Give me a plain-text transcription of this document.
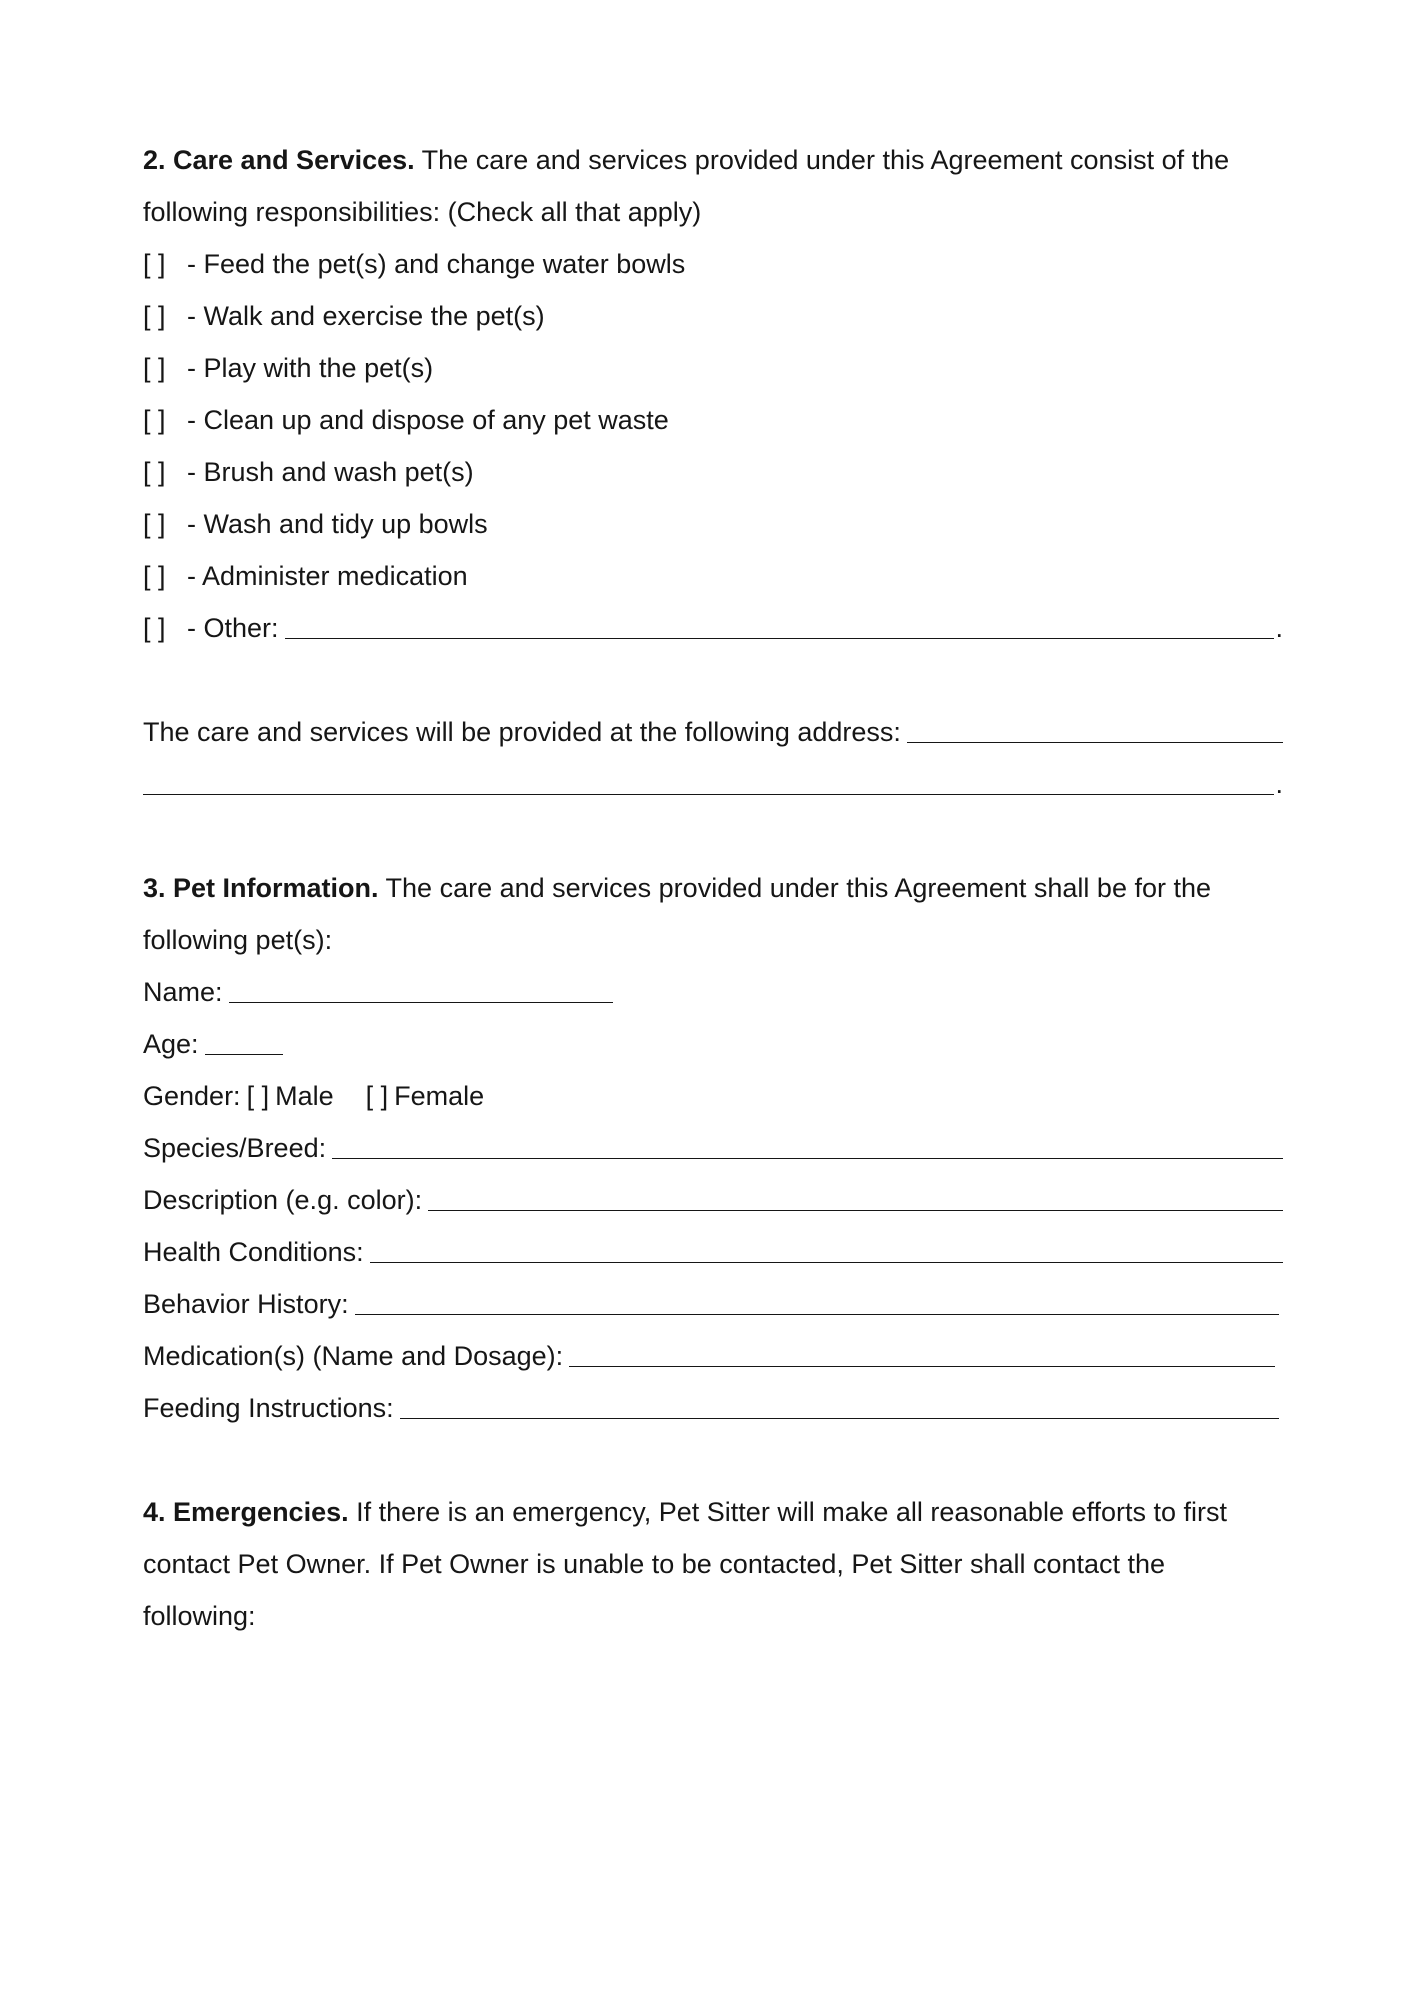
2. Care and Services. The care and services provided under this Agreement consist of the
following responsibilities: (Check all that apply)
[ ] - Feed the pet(s) and change water bowls
[ ] - Walk and exercise the pet(s)
[ ] - Play with the pet(s)
[ ] - Clean up and dispose of any pet waste
[ ] - Brush and wash pet(s)
[ ] - Wash and tidy up bowls
[ ] - Administer medication
[ ] - Other:	.
The care and services will be provided at the following address:
.
3. Pet Information. The care and services provided under this Agreement shall be for the
following pet(s):
Name:
Age:
Gender: [ ] Male [ ] Female
Species/Breed:
Description (e.g. color):
Health Conditions:
Behavior History:
Medication(s) (Name and Dosage):
Feeding Instructions:
4. Emergencies. If there is an emergency, Pet Sitter will make all reasonable efforts to first
contact Pet Owner. If Pet Owner is unable to be contacted, Pet Sitter shall contact the
following:
